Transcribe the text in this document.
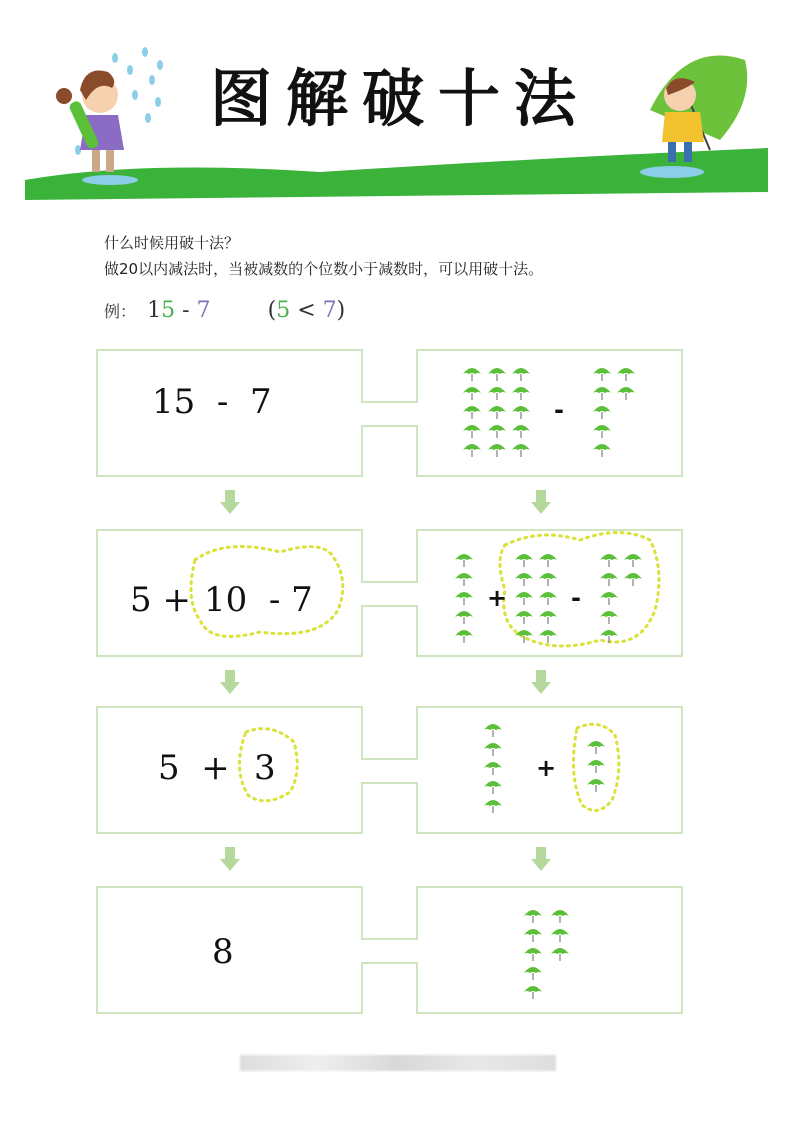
图解破十法
什么时候用破十法？
做20以内减法时，当被减数的个位数小于减数时，可以用破十法。
例： 15 - 7	(5 < 7)
15  -  7	-
5 + 10  - 7	+	-
5  + 3	+
8
